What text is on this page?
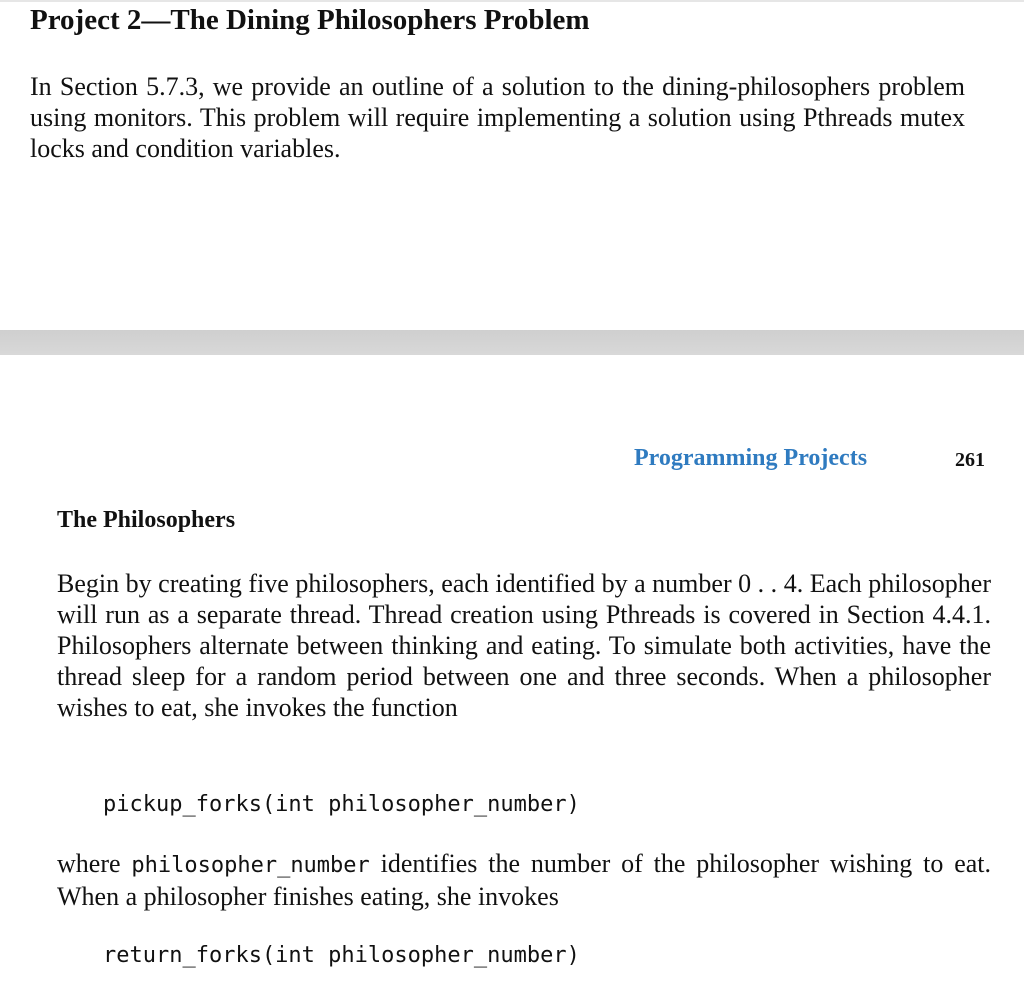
Project 2—The Dining Philosophers Problem

In Section 5.7.3, we provide an outline of a solution to the dining-philosophers problem using monitors. This problem will require implementing a solution using Pthreads mutex locks and condition variables.

Programming Projects	261
The Philosophers

Begin by creating five philosophers, each identified by a number 0 . . 4. Each philosopher will run as a separate thread. Thread creation using Pthreads is covered in Section 4.4.1. Philosophers alternate between thinking and eating. To simulate both activities, have the thread sleep for a random period between one and three seconds. When a philosopher wishes to eat, she invokes the function

pickup_forks(int philosopher_number)

where philosopher_number identifies the number of the philosopher wishing to eat. When a philosopher finishes eating, she invokes

return_forks(int philosopher_number)
